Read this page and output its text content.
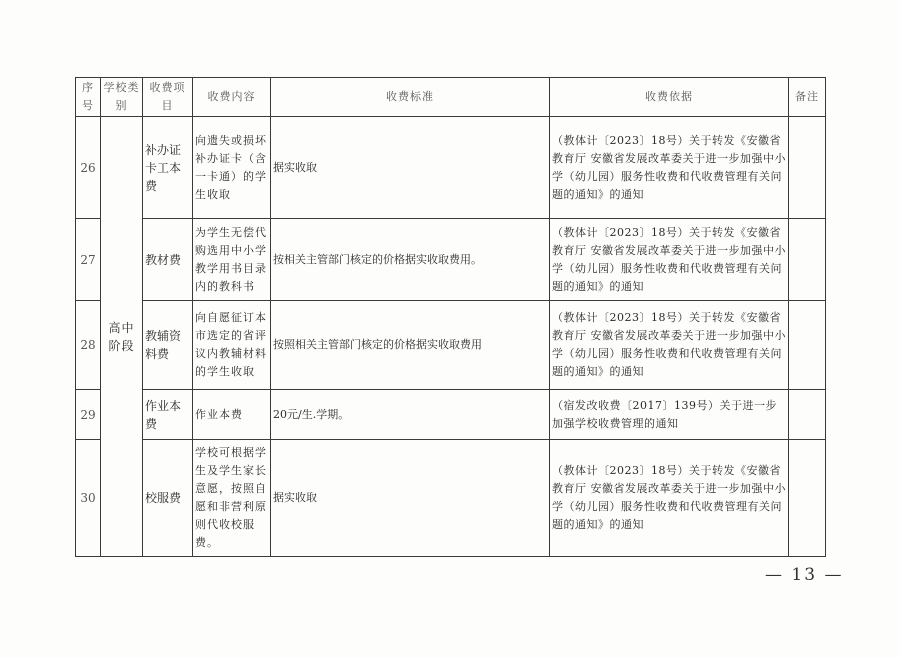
序号	学校类别	收费项目	收费内容	收费标准	收费依据	备注
26	高中阶段	补办证卡工本费	向遗失或损坏补办证卡（含一卡通）的学生收取	据实收取	（教体计〔2023〕18号）关于转发《安徽省教育厅 安徽省发展改革委关于进一步加强中小学（幼儿园）服务性收费和代收费管理有关问题的通知》的通知	
27		教材费	为学生无偿代购选用中小学教学用书目录内的教科书	按相关主管部门核定的价格据实收取费用。	（教体计〔2023〕18号）关于转发《安徽省教育厅 安徽省发展改革委关于进一步加强中小学（幼儿园）服务性收费和代收费管理有关问题的通知》的通知	
28		教辅资料费	向自愿征订本市选定的省评议内教辅材料的学生收取	按照相关主管部门核定的价格据实收取费用	（教体计〔2023〕18号）关于转发《安徽省教育厅 安徽省发展改革委关于进一步加强中小学（幼儿园）服务性收费和代收费管理有关问题的通知》的通知	
29		作业本费	作业本费	20元/生.学期。	（宿发改收费〔2017〕139号）关于进一步加强学校收费管理的通知	
30		校服费	学校可根据学生及学生家长意愿，按照自愿和非营利原则代收校服费。	据实收取	（教体计〔2023〕18号）关于转发《安徽省教育厅 安徽省发展改革委关于进一步加强中小学（幼儿园）服务性收费和代收费管理有关问题的通知》的通知	
— 13 —
